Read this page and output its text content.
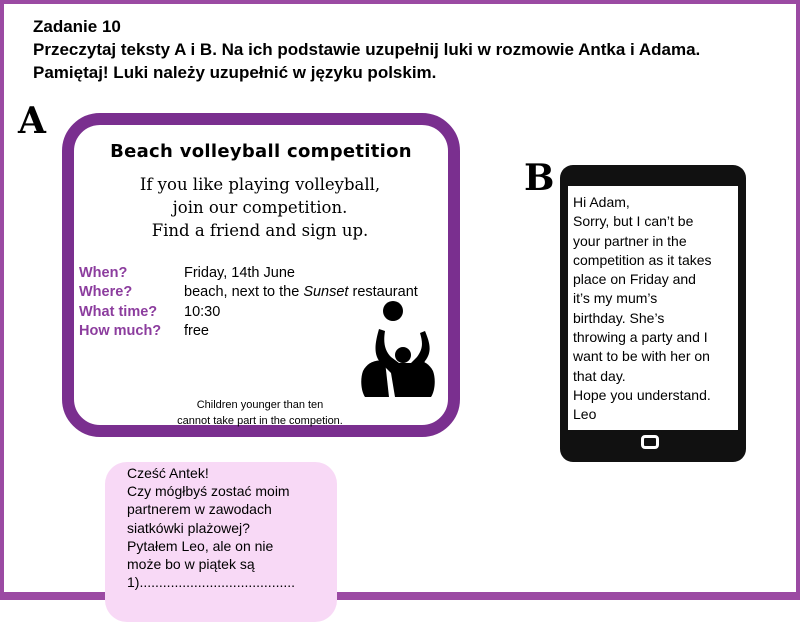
Zadanie 10
Przeczytaj teksty A i B. Na ich podstawie uzupełnij luki w rozmowie Antka i Adama.
Pamiętaj! Luki należy uzupełnić w języku polskim.
A
Beach volleyball competition
If you like playing volleyball,
join our competition.
Find a friend and sign up.
When?	Friday, 14th June
Where?	beach, next to the Sunset restaurant
What time? 10:30
How much? free
Children younger than ten
cannot take part in the competion.
B
Hi Adam,
Sorry, but I can’t be
your partner in the
competition as it takes
place on Friday and
it’s my mum’s
birthday. She’s
throwing a party and I
want to be with her on
that day.
Hope you understand.
Leo
Cześć Antek!
Czy mógłbyś zostać moim
partnerem w zawodach
siatkówki plażowej?
Pytałem Leo, ale on nie
może bo w piątek są
1)........................................
